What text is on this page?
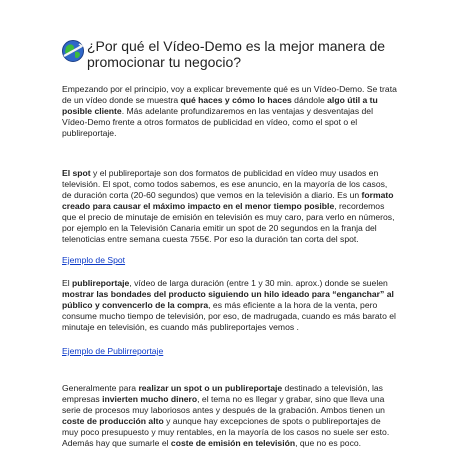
¿Por qué el Vídeo-Demo es la mejor manera de promocionar tu negocio?

Empezando por el principio, voy a explicar brevemente qué es un Vídeo-Demo. Se trata de un vídeo donde se muestra qué haces y cómo lo haces dándole algo útil a tu posible cliente. Más adelante profundizaremos en las ventajas y desventajas del Vídeo-Demo frente a otros formatos de publicidad en vídeo, como el spot o el publireportaje.

El spot y el publireportaje son dos formatos de publicidad en vídeo muy usados en televisión. El spot, como todos sabemos, es ese anuncio, en la mayoría de los casos, de duración corta (20-60 segundos) que vemos en la televisión a diario. Es un formato creado para causar el máximo impacto en el menor tiempo posible, recordemos que el precio de minutaje de emisión en televisión es muy caro, para verlo en números, por ejemplo en la Televisión Canaria emitir un spot de 20 segundos en la franja del telenoticias entre semana cuesta 755€. Por eso la duración tan corta del spot.

Ejemplo de Spot

El publireportaje, vídeo de larga duración (entre 1 y 30 min. aprox.) donde se suelen mostrar las bondades del producto siguiendo un hilo ideado para “enganchar” al público y convencerlo de la compra, es más eficiente a la hora de la venta, pero consume mucho tiempo de televisión, por eso, de madrugada, cuando es más barato el minutaje en televisión, es cuando más publireportajes vemos .

Ejemplo de Publirreportaje

Generalmente para realizar un spot o un publireportaje destinado a televisión, las empresas invierten mucho dinero, el tema no es llegar y grabar, sino que lleva una serie de procesos muy laboriosos antes y después de la grabación. Ambos tienen un coste de producción alto y aunque hay excepciones de spots o publireportajes de muy poco presupuesto y muy rentables, en la mayoría de los casos no suele ser esto. Además hay que sumarle el coste de emisión en televisión, que no es poco.
